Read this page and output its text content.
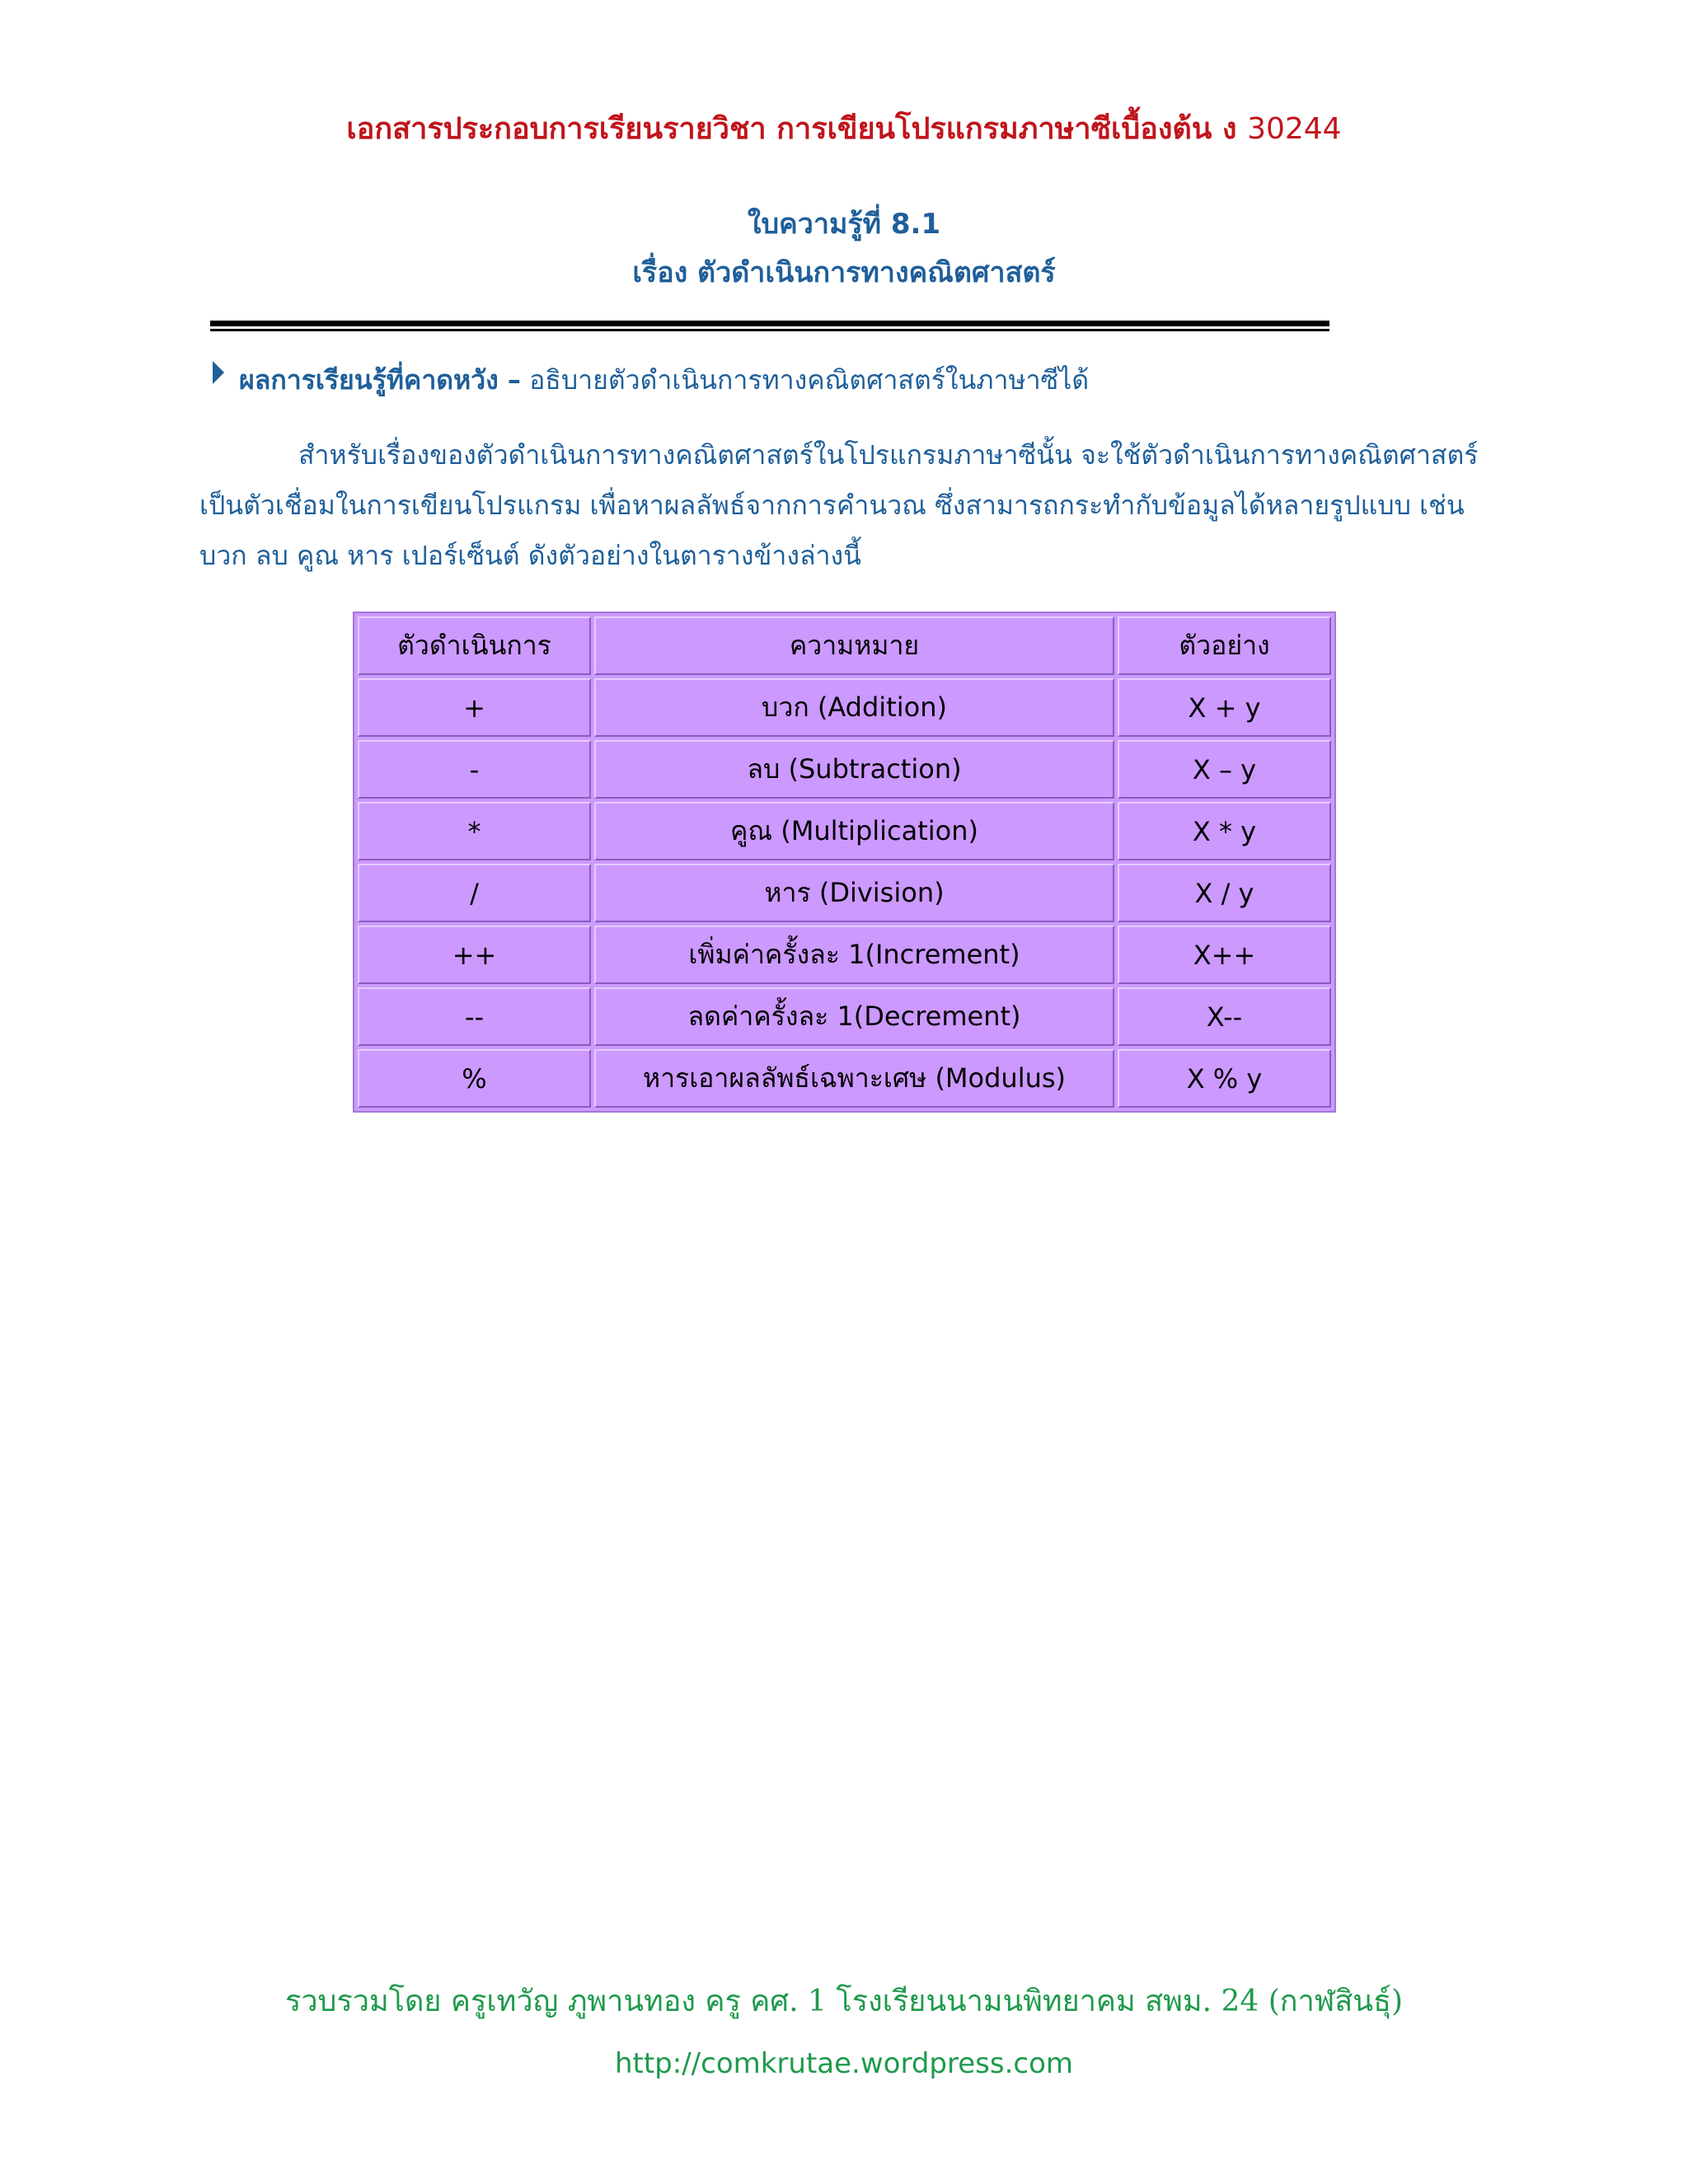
เอกสารประกอบการเรียนรายวิชา การเขียนโปรแกรมภาษาซีเบื้องต้น ง 30244
ใบความรู้ที่ 8.1
เรื่อง ตัวดำเนินการทางคณิตศาสตร์
ผลการเรียนรู้ที่คาดหวัง – อธิบายตัวดำเนินการทางคณิตศาสตร์ในภาษาซีได้
สำหรับเรื่องของตัวดำเนินการทางคณิตศาสตร์ในโปรแกรมภาษาซีนั้น จะใช้ตัวดำเนินการทางคณิตศาสตร์
เป็นตัวเชื่อมในการเขียนโปรแกรม เพื่อหาผลลัพธ์จากการคำนวณ ซึ่งสามารถกระทำกับข้อมูลได้หลายรูปแบบ เช่น
บวก ลบ คูณ หาร เปอร์เซ็นต์ ดังตัวอย่างในตารางข้างล่างนี้
ตัวดำเนินการ	ความหมาย	ตัวอย่าง
+	บวก (Addition)	X + y
-	ลบ (Subtraction)	X – y
*	คูณ (Multiplication)	X * y
/	หาร (Division)	X / y
++	เพิ่มค่าครั้งละ 1(Increment)	X++
--	ลดค่าครั้งละ 1(Decrement)	X--
%	หารเอาผลลัพธ์เฉพาะเศษ (Modulus)	X % y
รวบรวมโดย ครูเทวัญ ภูพานทอง ครู คศ. 1 โรงเรียนนามนพิทยาคม สพม. 24 (กาฬสินธุ์)
http://comkrutae.wordpress.com
